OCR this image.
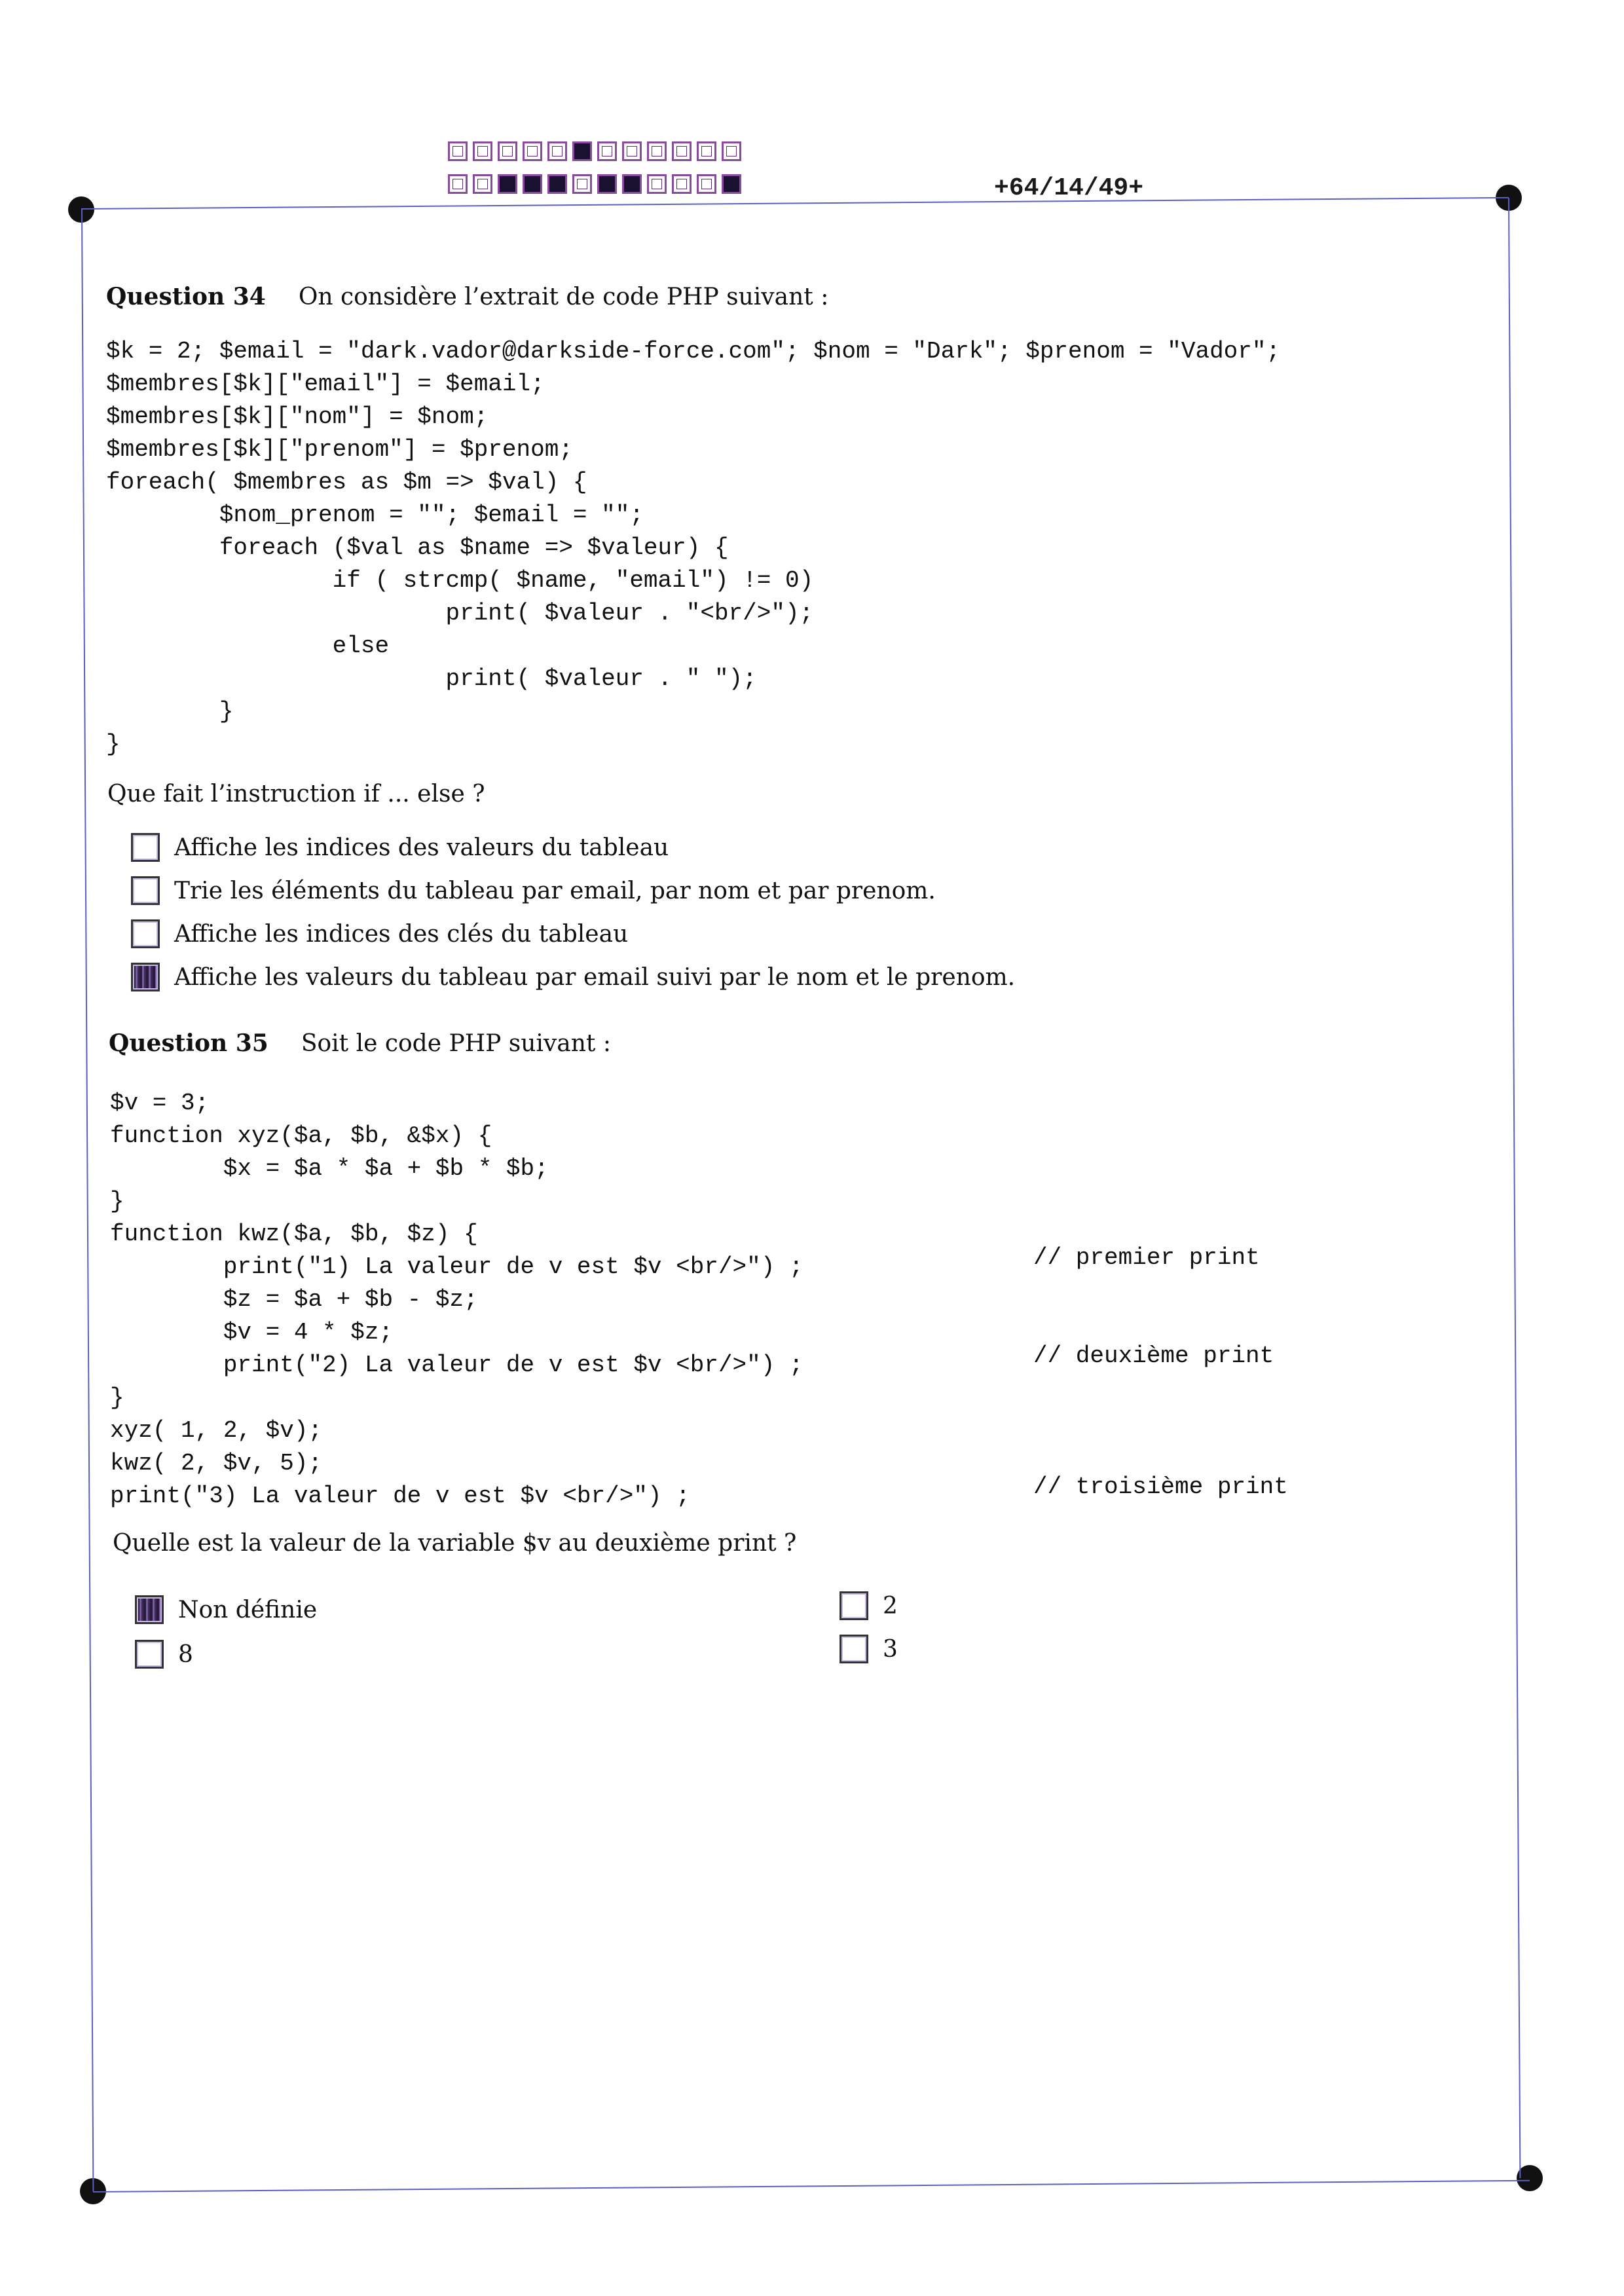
+64/14/49+
Question 34 On considère l’extrait de code PHP suivant :
$k = 2; $email = "dark.vador@darkside-force.com"; $nom = "Dark"; $prenom = "Vador";
$membres[$k]["email"] = $email;
$membres[$k]["nom"] = $nom;
$membres[$k]["prenom"] = $prenom;
foreach( $membres as $m => $val) {
$nom_prenom = ""; $email = "";
foreach ($val as $name => $valeur) {
if ( strcmp( $name, "email") != 0)
print( $valeur . "<br/>");
else
print( $valeur . " ");
}
}
Que fait l’instruction if ... else ?
Affiche les indices des valeurs du tableau
Trie les éléments du tableau par email, par nom et par prenom.
Affiche les indices des clés du tableau
Affiche les valeurs du tableau par email suivi par le nom et le prenom.
Question 35 Soit le code PHP suivant :
$v = 3;
function xyz($a, $b, &$x) {
$x = $a * $a + $b * $b;
}
function kwz($a, $b, $z) {
print("1) La valeur de v est $v <br/>") ;
$z = $a + $b - $z;
$v = 4 * $z;
print("2) La valeur de v est $v <br/>") ;
}
xyz( 1, 2, $v);
kwz( 2, $v, 5);
print("3) La valeur de v est $v <br/>") ;
// premier print
// deuxième print
// troisième print
Quelle est la valeur de la variable $v au deuxième print ?
Non définie
8
2
3
